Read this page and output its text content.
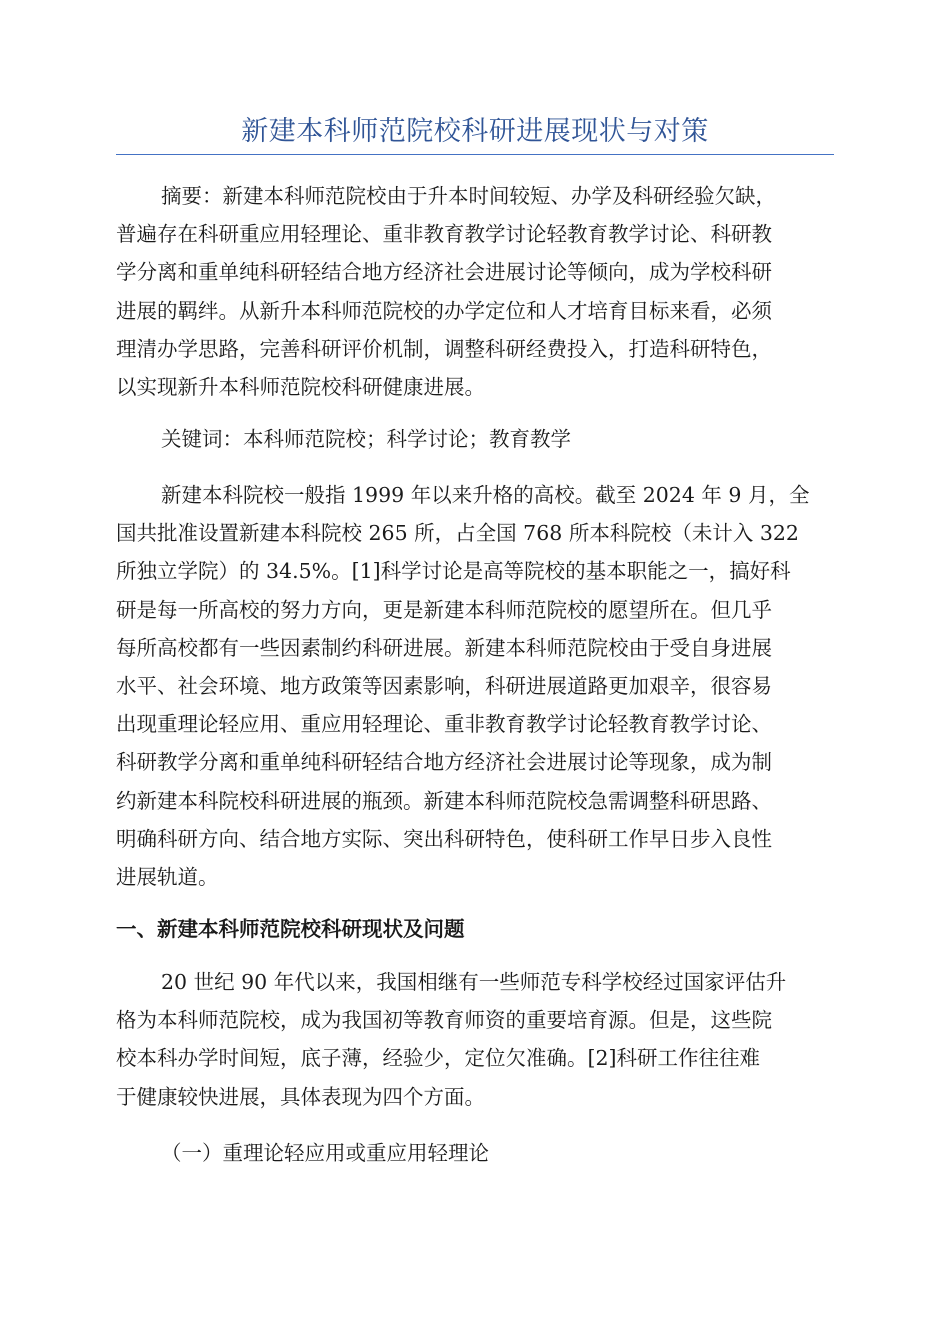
新建本科师范院校科研进展现状与对策
摘要：新建本科师范院校由于升本时间较短、办学及科研经验欠缺，
普遍存在科研重应用轻理论、重非教育教学讨论轻教育教学讨论、科研教
学分离和重单纯科研轻结合地方经济社会进展讨论等倾向，成为学校科研
进展的羁绊。从新升本科师范院校的办学定位和人才培育目标来看，必须
理清办学思路，完善科研评价机制，调整科研经费投入，打造科研特色，
以实现新升本科师范院校科研健康进展。
关键词：本科师范院校；科学讨论；教育教学
新建本科院校一般指 1999 年以来升格的高校。截至 2024 年 9 月，全
国共批准设置新建本科院校 265 所，占全国 768 所本科院校（未计入 322
所独立学院）的 34.5%。[1]科学讨论是高等院校的基本职能之一，搞好科
研是每一所高校的努力方向，更是新建本科师范院校的愿望所在。但几乎
每所高校都有一些因素制约科研进展。新建本科师范院校由于受自身进展
水平、社会环境、地方政策等因素影响，科研进展道路更加艰辛，很容易
出现重理论轻应用、重应用轻理论、重非教育教学讨论轻教育教学讨论、
科研教学分离和重单纯科研轻结合地方经济社会进展讨论等现象，成为制
约新建本科院校科研进展的瓶颈。新建本科师范院校急需调整科研思路、
明确科研方向、结合地方实际、突出科研特色，使科研工作早日步入良性
进展轨道。
一、新建本科师范院校科研现状及问题
20 世纪 90 年代以来，我国相继有一些师范专科学校经过国家评估升
格为本科师范院校，成为我国初等教育师资的重要培育源。但是，这些院
校本科办学时间短，底子薄，经验少，定位欠准确。[2]科研工作往往难
于健康较快进展，具体表现为四个方面。
（一）重理论轻应用或重应用轻理论
